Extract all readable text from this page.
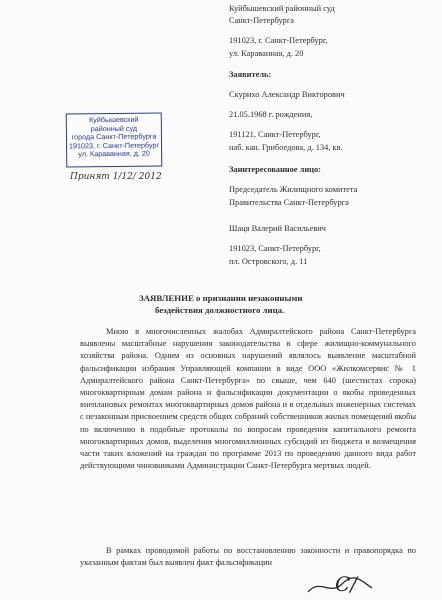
Куйбышевский районный суд
Санкт-Петербурга
191023, г. Санкт-Петербург,
ул. Караванная, д. 20
Заявитель:
Скурихо Александр Викторович
21.05.1968 г. рождения,
191121, Санкт-Петербург,
наб. кан. Грибоедова, д. 134, кв.
Заинтересованное лицо:
Председатель Жилищного комитета
Правительства Санкт-Петербурга
Шаця Валерий Васильевич
191023, Санкт-Петербург,
пл. Островского, д. 11
Куйбышевский
районный суд
города Санкт-Петербурга
191023, г. Санкт-Петербург
ул. Караванная, д. 20
Принят 1/12/ 2012
ЗАЯВЛЕНИЕ о признании незаконными
бездействия должностного лица.
Мною в многочисленных жалобах Адмиралтейского района Санкт-Петербурга выявлены масштабные нарушения законодательства в сфере жилищно-коммунального хозяйства района. Одним из основных нарушений являлось выявление масштабной фальсификации избрания Управляющей компании в виде ООО «Жилкомсервис № 1 Адмиралтейского района Санкт-Петербурга» по свыше, чем 640 (шестистах сорока) многоквартирным домам района и фальсификации документации о якобы проведенных внеплановых ремонтах многоквартирных домов района и в отдельных инженерных системах с незаконным присвоением средств общих собраний собственников жилых помещений якобы по включению в подобные протоколы по вопросам проведения капитального ремонта многоквартирных домов, выделения многомиллионных субсидий из бюджета и возмещения части таких вложений на граждан по программе 2013 по проведению данного вида работ действующими чиновниками Администрации Санкт-Петербурга мертвых людей.
В рамках проводимой работы по восстановлению законности и правопорядка по указанным фактам был выявлен факт фальсификации
С/
